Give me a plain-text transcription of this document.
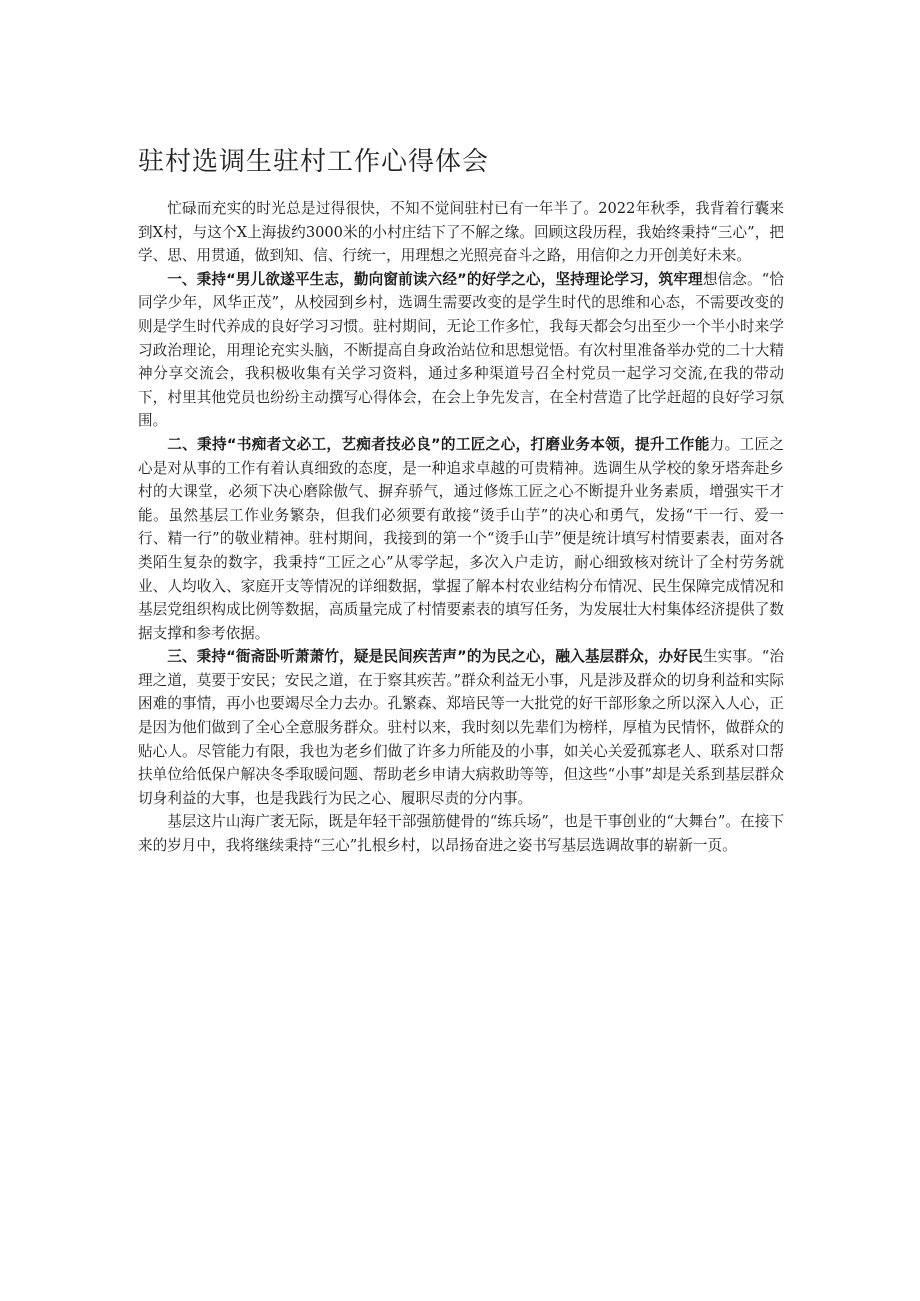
驻村选调生驻村工作心得体会

忙碌而充实的时光总是过得很快，不知不觉间驻村已有一年半了。2022年秋季，我背着行囊来到X村，与这个X上海拔约3000米的小村庄结下了不解之缘。回顾这段历程，我始终秉持“三心”，把学、思、用贯通，做到知、信、行统一，用理想之光照亮奋斗之路，用信仰之力开创美好未来。

一、秉持“男儿欲遂平生志，勤向窗前读六经”的好学之心，坚持理论学习，筑牢理想信念。“恰同学少年，风华正茂”，从校园到乡村，选调生需要改变的是学生时代的思维和心态，不需要改变的则是学生时代养成的良好学习习惯。驻村期间，无论工作多忙，我每天都会匀出至少一个半小时来学习政治理论，用理论充实头脑，不断提高自身政治站位和思想觉悟。有次村里准备举办党的二十大精神分享交流会，我积极收集有关学习资料，通过多种渠道号召全村党员一起学习交流,在我的带动下，村里其他党员也纷纷主动撰写心得体会，在会上争先发言，在全村营造了比学赶超的良好学习氛围。

二、秉持“书痴者文必工，艺痴者技必良”的工匠之心，打磨业务本领，提升工作能力。工匠之心是对从事的工作有着认真细致的态度，是一种追求卓越的可贵精神。选调生从学校的象牙塔奔赴乡村的大课堂，必须下决心磨除傲气、摒弃骄气，通过修炼工匠之心不断提升业务素质，增强实干才能。虽然基层工作业务繁杂，但我们必须要有敢接“烫手山芋”的决心和勇气，发扬“干一行、爱一行、精一行”的敬业精神。驻村期间，我接到的第一个“烫手山芋”便是统计填写村情要素表，面对各类陌生复杂的数字，我秉持“工匠之心”从零学起，多次入户走访，耐心细致核对统计了全村劳务就业、人均收入、家庭开支等情况的详细数据，掌握了解本村农业结构分布情况、民生保障完成情况和基层党组织构成比例等数据，高质量完成了村情要素表的填写任务，为发展壮大村集体经济提供了数据支撑和参考依据。

三、秉持“衙斋卧听萧萧竹，疑是民间疾苦声”的为民之心，融入基层群众，办好民生实事。“治理之道，莫要于安民；安民之道，在于察其疾苦。”群众利益无小事，凡是涉及群众的切身利益和实际困难的事情，再小也要竭尽全力去办。孔繁森、郑培民等一大批党的好干部形象之所以深入人心，正是因为他们做到了全心全意服务群众。驻村以来，我时刻以先辈们为榜样，厚植为民情怀，做群众的贴心人。尽管能力有限，我也为老乡们做了许多力所能及的小事，如关心关爱孤寡老人、联系对口帮扶单位给低保户解决冬季取暖问题、帮助老乡申请大病救助等等，但这些“小事”却是关系到基层群众切身利益的大事，也是我践行为民之心、履职尽责的分内事。

基层这片山海广袤无际，既是年轻干部强筋健骨的“练兵场”，也是干事创业的“大舞台”。在接下来的岁月中，我将继续秉持“三心”扎根乡村，以昂扬奋进之姿书写基层选调故事的崭新一页。
